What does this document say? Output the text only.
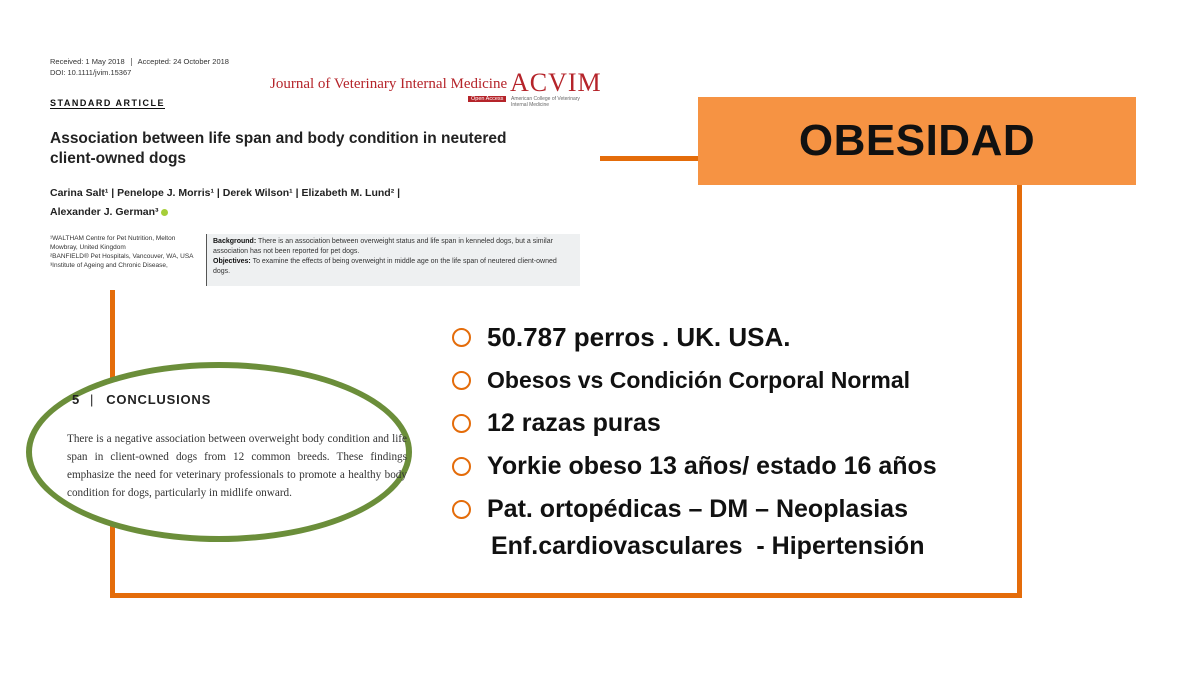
OBESIDAD
Received: 1 May 2018 Accepted: 24 October 2018
DOI: 10.1111/jvim.15367
Journal of Veterinary Internal Medicine
Open Access
ACVIM
American College of Veterinary Internal Medicine
STANDARD ARTICLE
Association between life span and body condition in neutered client-owned dogs
Carina Salt¹ | Penelope J. Morris¹ | Derek Wilson¹ | Elizabeth M. Lund² |
Alexander J. German³
¹WALTHAM Centre for Pet Nutrition, Melton Mowbray, United Kingdom
²BANFIELD® Pet Hospitals, Vancouver, WA, USA
³Institute of Ageing and Chronic Disease,
Background: There is an association between overweight status and life span in kenneled dogs, but a similar association has not been reported for pet dogs.
Objectives: To examine the effects of being overweight in middle age on the life span of neutered client-owned dogs.
5 | CONCLUSIONS
There is a negative association between overweight body condition and life span in client-owned dogs from 12 common breeds. These findings emphasize the need for veterinary professionals to promote a healthy body condition for dogs, particularly in midlife onward.
50.787 perros . UK. USA.
Obesos vs Condición Corporal Normal
12 razas puras
Yorkie obeso 13 años/ estado 16 años
Pat. ortopédicas – DM – Neoplasias
Enf.cardiovasculares  - Hipertensión
